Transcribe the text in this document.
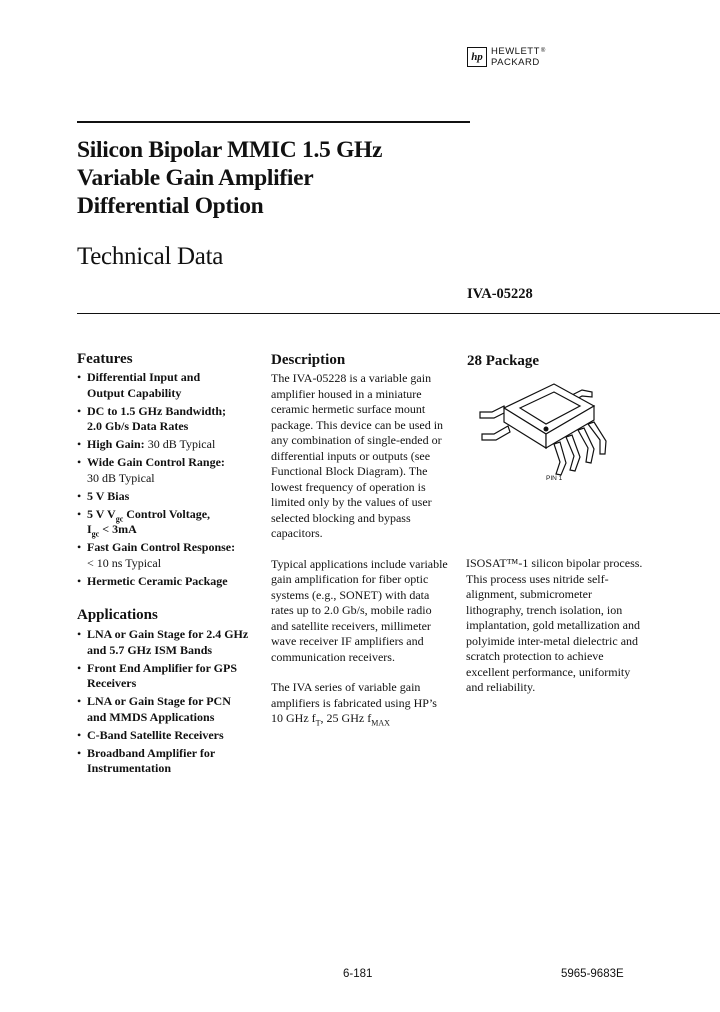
hp HEWLETT®
PACKARD
Silicon Bipolar MMIC 1.5 GHz
Variable Gain Amplifier
Differential Option
Technical Data
IVA-05228
Features
• Differential Input and
Output Capability
• DC to 1.5 GHz Bandwidth;
2.0 Gb/s Data Rates
• High Gain: 30 dB Typical
• Wide Gain Control Range:
30 dB Typical
• 5 V Bias
• 5 V $V_{gc}$ Control Voltage,
$I_{gc} < 3mA$
• Fast Gain Control Response:
< 10 ns Typical
• Hermetic Ceramic Package
Applications
• LNA or Gain Stage for 2.4 GHz
and 5.7 GHz ISM Bands
• Front End Amplifier for GPS
Receivers
• LNA or Gain Stage for PCN
and MMDS Applications
• C-Band Satellite Receivers
• Broadband Amplifier for
Instrumentation
Description

The IVA-05228 is a variable gain amplifier housed in a miniature ceramic hermetic surface mount package. This device can be used in any combination of single-ended or differential inputs or outputs (see Functional Block Diagram). The lowest frequency of operation is limited only by the values of user selected blocking and bypass capacitors.

Typical applications include variable gain amplification for fiber optic systems (e.g., SONET) with data rates up to 2.0 Gb/s, mobile radio and satellite receivers, millimeter wave receiver IF amplifiers and communication receivers.

The IVA series of variable gain amplifiers is fabricated using HP’s 10 GHz $f_T$, 25 GHz $f_{MAX}$

28 Package
PIN 1
ISOSAT™-1 silicon bipolar process. This process uses nitride self-alignment, submicrometer lithography, trench isolation, ion implantation, gold metallization and polyimide inter-metal dielectric and scratch protection to achieve excellent performance, uniformity and reliability.
6-181	5965-9683E
